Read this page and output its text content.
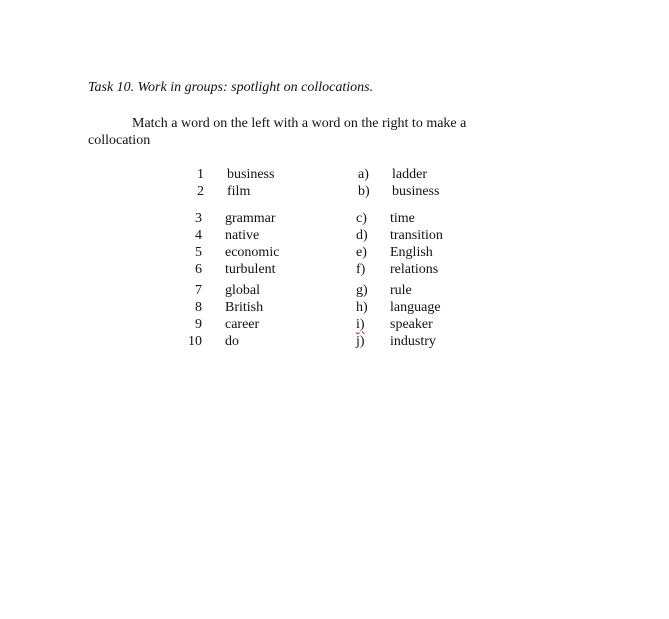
Task 10. Work in groups: spotlight on collocations.
Match a word on the left with a word on the right to make a
collocation
1 business	a) ladder
2 film	b) business
3 grammar	c) time
4 native	d) transition
5 economic	e) English
6 turbulent	f) relations
7 global	g) rule
8 British	h) language
9 career	i) speaker
10 do	j) industry
